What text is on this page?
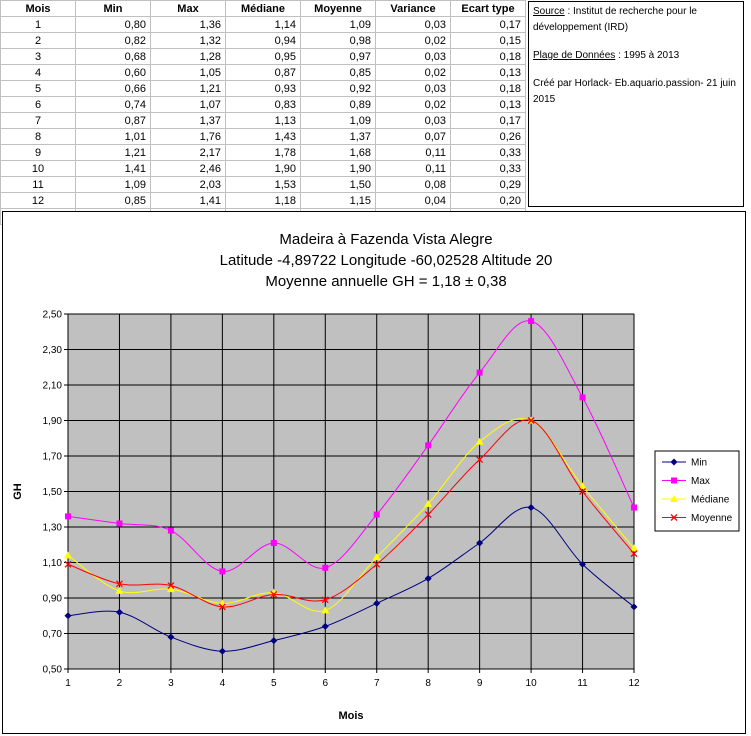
Mois	Min	Max	Médiane	Moyenne	Variance	Ecart type
1	0,80	1,36	1,14	1,09	0,03	0,17
2	0,82	1,32	0,94	0,98	0,02	0,15
3	0,68	1,28	0,95	0,97	0,03	0,18
4	0,60	1,05	0,87	0,85	0,02	0,13
5	0,66	1,21	0,93	0,92	0,03	0,18
6	0,74	1,07	0,83	0,89	0,02	0,13
7	0,87	1,37	1,13	1,09	0,03	0,17
8	1,01	1,76	1,43	1,37	0,07	0,26
9	1,21	2,17	1,78	1,68	0,11	0,33
10	1,41	2,46	1,90	1,90	0,11	0,33
11	1,09	2,03	1,53	1,50	0,08	0,29
12	0,85	1,41	1,18	1,15	0,04	0,20

Source : Institut de recherche pour le développement (IRD)

Plage de Données : 1995 à 2013

Créé par Horlack- Eb.aquario.passion- 21 juin 2015

Madeira à Fazenda Vista Alegre
Latitude -4,89722 Longitude -60,02528 Altitude 20
Moyenne annuelle GH = 1,18 ± 0,38
0,50
0,70
0,90
1,10
1,30
1,50
1,70
1,90
2,10
2,30
2,50
1	2	3	4	5	6	7	8	9	10	11	12
Mois
GH
Min
Max
Médiane
Moyenne
